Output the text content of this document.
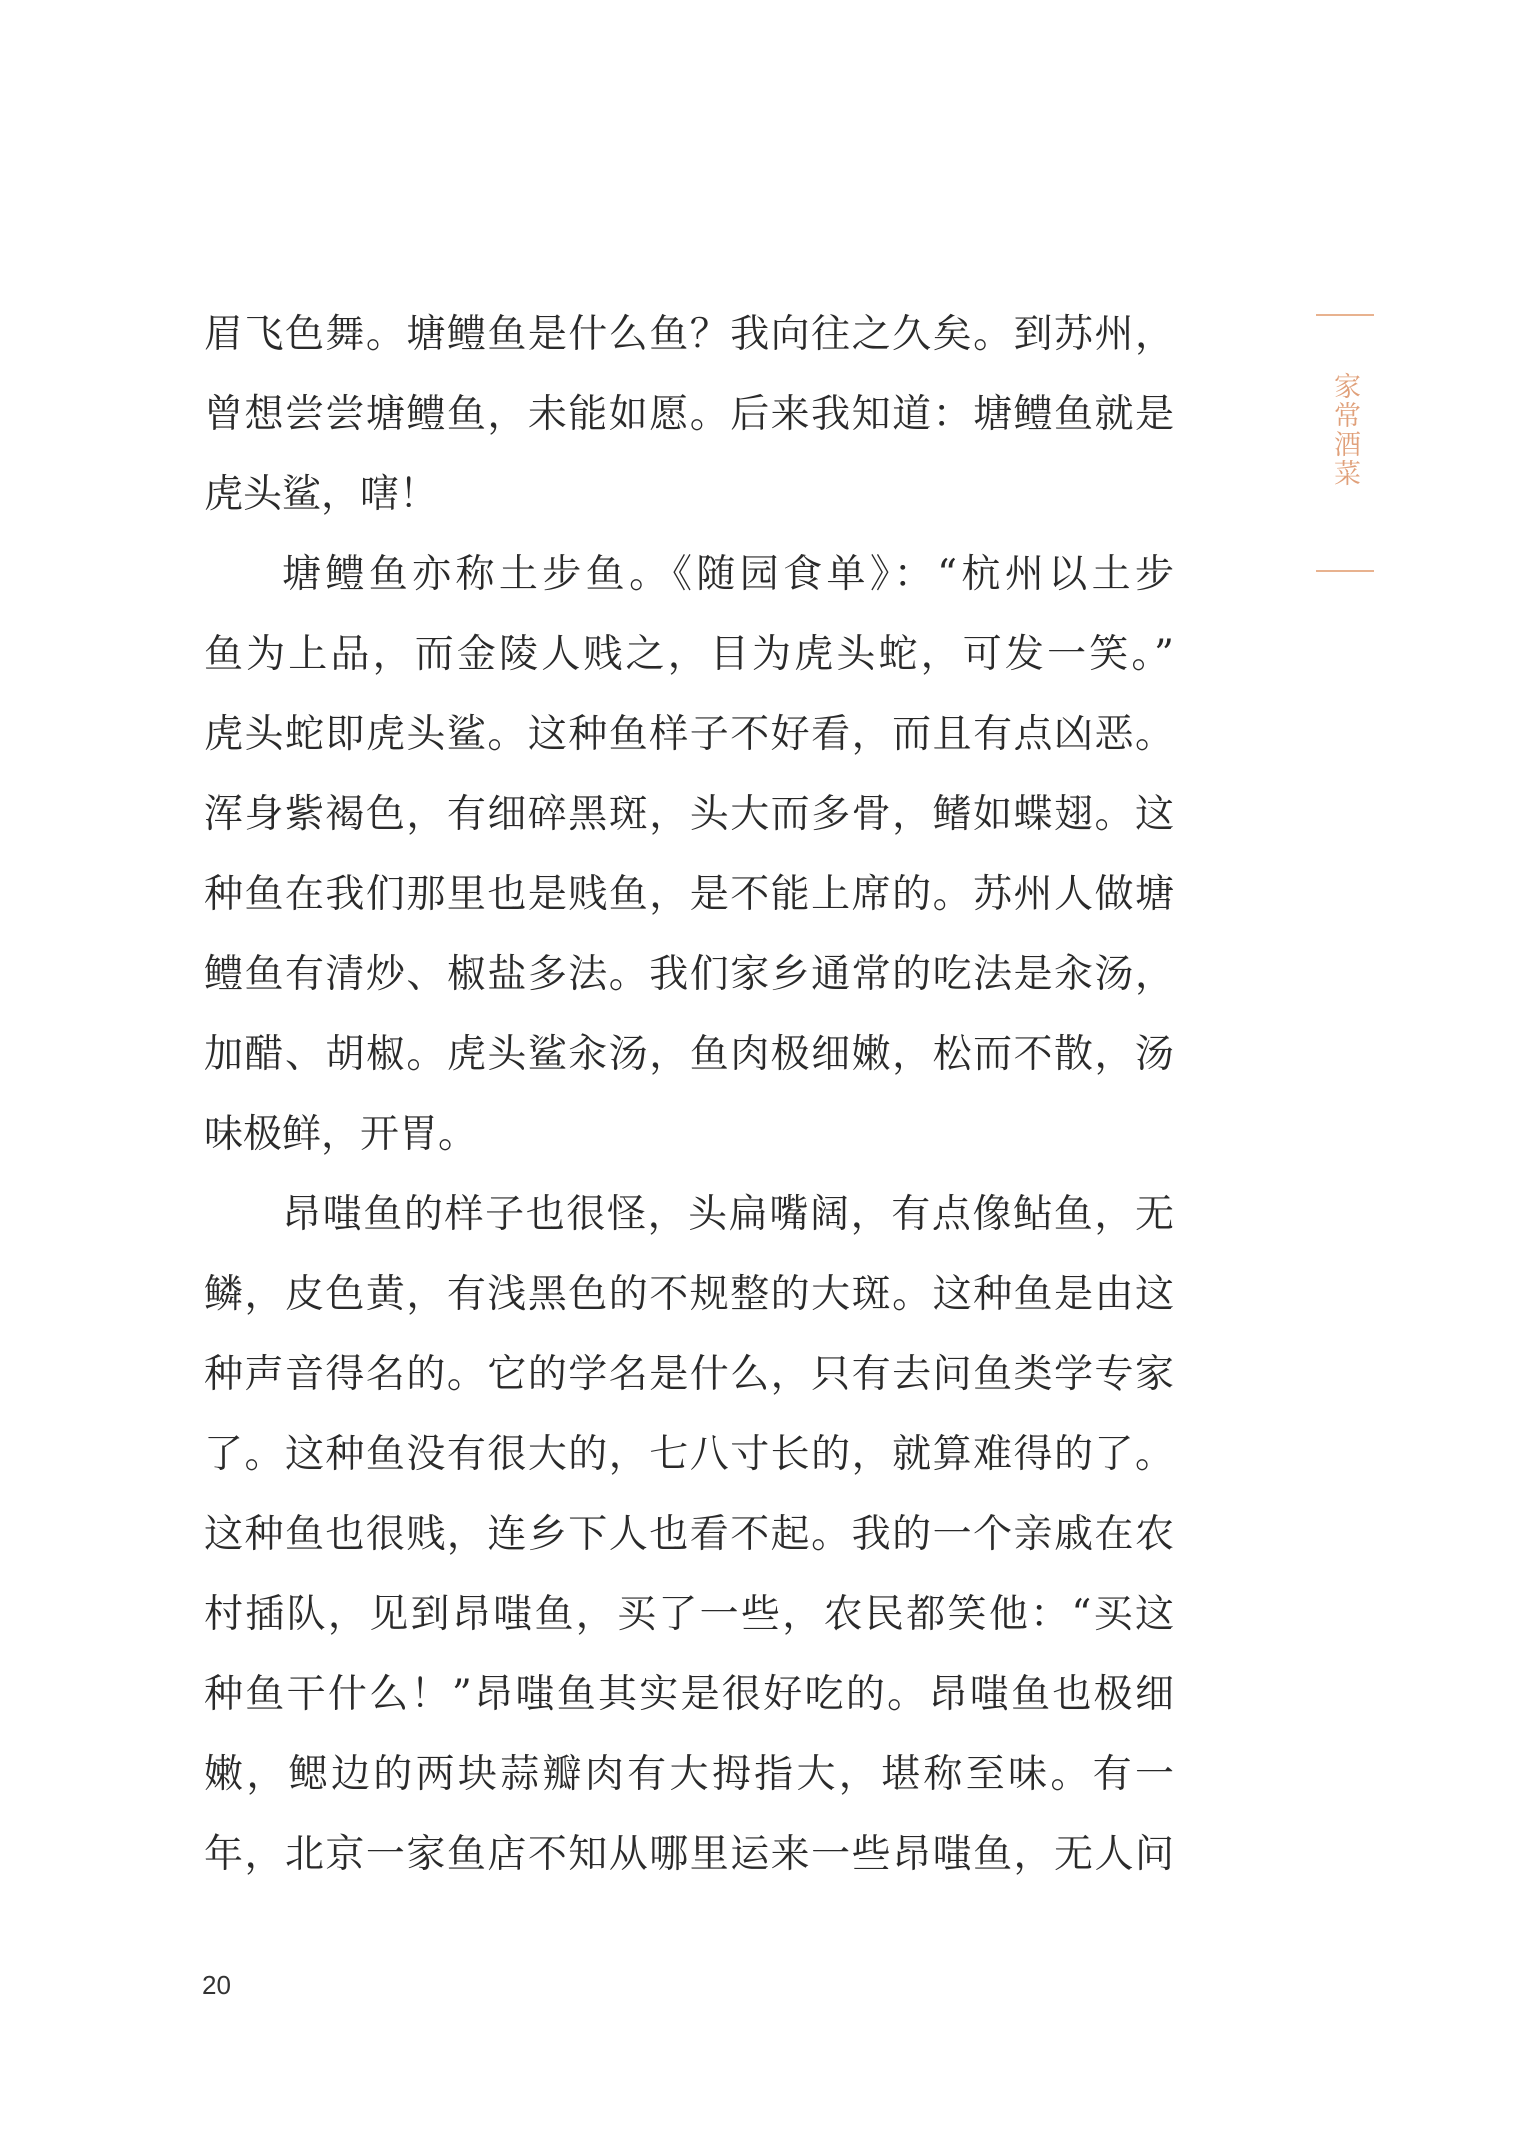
家常酒菜
眉飞色舞。塘鳢鱼是什么鱼？我向往之久矣。到苏州，
曾想尝尝塘鳢鱼，未能如愿。后来我知道：塘鳢鱼就是
虎头鲨，嗐！
塘鳢鱼亦称土步鱼。《随园食单》：“杭州以土步
鱼为上品，而金陵人贱之，目为虎头蛇，可发一笑。”
虎头蛇即虎头鲨。这种鱼样子不好看，而且有点凶恶。
浑身紫褐色，有细碎黑斑，头大而多骨，鳍如蝶翅。这
种鱼在我们那里也是贱鱼，是不能上席的。苏州人做塘
鳢鱼有清炒、椒盐多法。我们家乡通常的吃法是汆汤，
加醋、胡椒。虎头鲨汆汤，鱼肉极细嫩，松而不散，汤
味极鲜，开胃。
昂嗤鱼的样子也很怪，头扁嘴阔，有点像鲇鱼，无
鳞，皮色黄，有浅黑色的不规整的大斑。这种鱼是由这
种声音得名的。它的学名是什么，只有去问鱼类学专家
了。这种鱼没有很大的，七八寸长的，就算难得的了。
这种鱼也很贱，连乡下人也看不起。我的一个亲戚在农
村插队，见到昂嗤鱼，买了一些，农民都笑他：“买这
种鱼干什么！”昂嗤鱼其实是很好吃的。昂嗤鱼也极细
嫩，鳃边的两块蒜瓣肉有大拇指大，堪称至味。有一
年，北京一家鱼店不知从哪里运来一些昂嗤鱼，无人问
20
